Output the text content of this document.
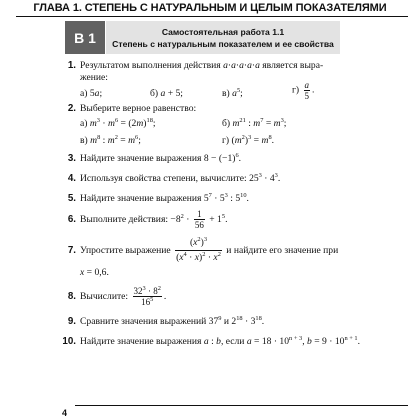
ГЛАВА 1. СТЕПЕНЬ С НАТУРАЛЬНЫМ И ЦЕЛЫМ ПОКАЗАТЕЛЯМИ
В 1	Самостоятельная работа 1.1
Степень с натуральным показателем и ее свойства
1. Результатом выполнения действия a·a·a·a·a является выра-
жение:
а) 5a;	б) a + 5;	в) $a^5$;	$г) \frac{a}{5}$ .
2. Выберите верное равенство:
а) $m^3 \cdot m^6 = (2m)^{18}$;	б) $m^{21}$ : $m^7 = m^3$;
в) $m^8$ : $m^2 = m^6$;	г) $(m^2)^3 = m^8$.
3. Найдите значение выражения $8 - (-1)^6$.
4. Используя свойства степени, вычислите: $25^3 \cdot 4^3$.
5. Найдите значение выражения $5^7 \cdot 5^3$ : $5^{10}$.
6. Выполните действия: $-8^2 \cdot \frac{1}{56} + 1^5$.
7. Упростите выражение $\frac{(x^2)^3}{(x^4 \cdot x)^2 \cdot x^2}$ и найдите его значение при
x = 0,6.
8. Вычислите: $\frac{32^3 \cdot 8^2}{16^5}$ .
9. Сравните значения выражений $37^9$ и $2^{18} \cdot 3^{18}$.
10. Найдите значение выражения a : b, если $a = 18 \cdot 10^{n + 3}$, $b = 9 \cdot 10^{n + 1}$.
4
